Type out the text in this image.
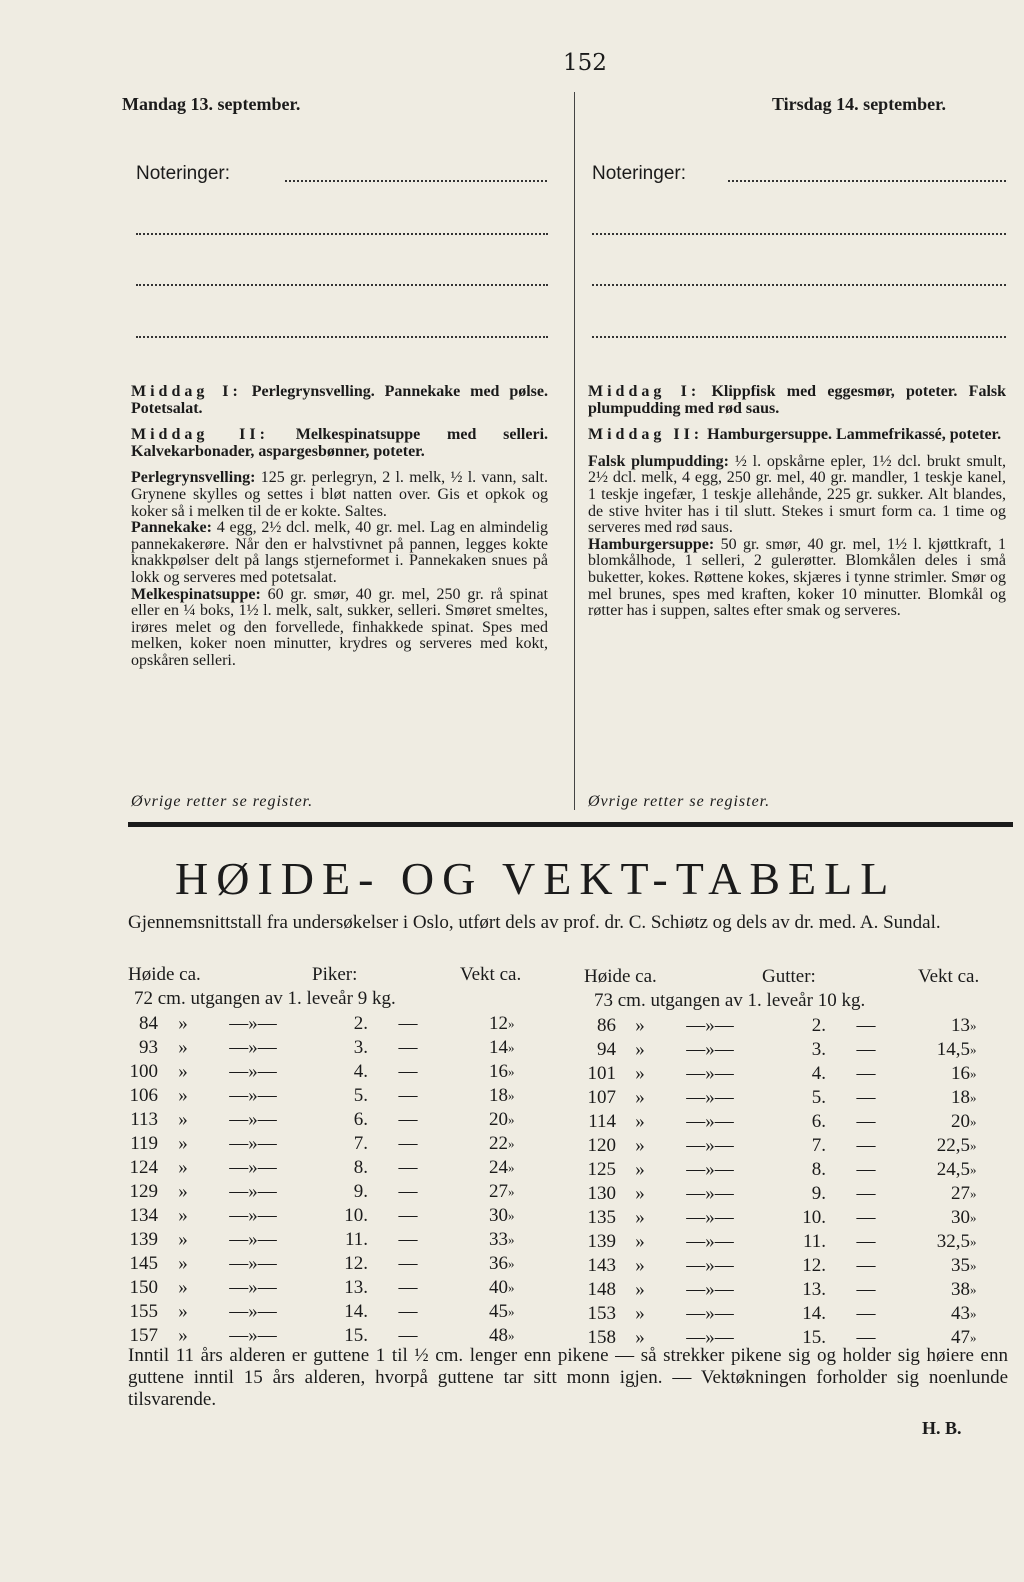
152
Mandag 13. september.	Tirsdag 14. september.
Noteringer:	Noteringer:

Middag I: Perlegrynsvelling. Pannekake med pølse. Potetsalat.

Middag II: Melkespinatsuppe med selleri. Kalvekarbonader, aspargesbønner, poteter.

Perlegrynsvelling: 125 gr. perlegryn, 2 l. melk, ½ l. vann, salt. Grynene skylles og settes i bløt natten over. Gis et opkok og koker så i melken til de er kokte. Saltes.

Pannekake: 4 egg, 2½ dcl. melk, 40 gr. mel. Lag en almindelig pannekakerøre. Når den er halvstivnet på pannen, legges kokte knakkpølser delt på langs stjerneformet i. Pannekaken snues på lokk og serveres med potetsalat.

Melkespinatsuppe: 60 gr. smør, 40 gr. mel, 250 gr. rå spinat eller en ¼ boks, 1½ l. melk, salt, sukker, selleri. Smøret smeltes, irøres melet og den forvellede, finhakkede spinat. Spes med melken, koker noen minutter, krydres og serveres med kokt, opskåren selleri.

Øvrige retter se register.

Middag I: Klippfisk med eggesmør, poteter. Falsk plumpudding med rød saus.

Middag II: Hamburgersuppe. Lammefrikassé, poteter.

Falsk plumpudding: ½ l. opskårne epler, 1½ dcl. brukt smult, 2½ dcl. melk, 4 egg, 250 gr. mel, 40 gr. mandler, 1 teskje kanel, 1 teskje ingefær, 1 teskje allehånde, 225 gr. sukker. Alt blandes, de stive hviter has i til slutt. Stekes i smurt form ca. 1 time og serveres med rød saus.

Hamburgersuppe: 50 gr. smør, 40 gr. mel, 1½ l. kjøttkraft, 1 blomkålhode, 1 selleri, 2 gulerøtter. Blomkålen deles i små buketter, kokes. Røttene kokes, skjæres i tynne strimler. Smør og mel brunes, spes med kraften, koker 10 minutter. Blomkål og røtter has i suppen, saltes efter smak og serveres.

Øvrige retter se register.
HØIDE- OG VEKT-TABELL
Gjennemsnittstall fra undersøkelser i Oslo, utført dels av prof. dr. C. Schiøtz og dels av dr. med. A. Sundal.
Høide ca.	Piker:	Vekt ca.
72 cm. utgangen av 1. leveår 9 kg.
Høide ca.	Gutter:	Vekt ca.
73 cm. utgangen av 1. leveår 10 kg.
84	»	—»—	2.	—	12	»
93	»	—»—	3.	—	14	»
100	»	—»—	4.	—	16	»
106	»	—»—	5.	—	18	»
113	»	—»—	6.	—	20	»
119	»	—»—	7.	—	22	»
124	»	—»—	8.	—	24	»
129	»	—»—	9.	—	27	»
134	»	—»—	10.	—	30	»
139	»	—»—	11.	—	33	»
145	»	—»—	12.	—	36	»
150	»	—»—	13.	—	40	»
155	»	—»—	14.	—	45	»
157	»	—»—	15.	—	48	»
86	»	—»—	2.	—	13	»
94	»	—»—	3.	—	14,5	»
101	»	—»—	4.	—	16	»
107	»	—»—	5.	—	18	»
114	»	—»—	6.	—	20	»
120	»	—»—	7.	—	22,5	»
125	»	—»—	8.	—	24,5	»
130	»	—»—	9.	—	27	»
135	»	—»—	10.	—	30	»
139	»	—»—	11.	—	32,5	»
143	»	—»—	12.	—	35	»
148	»	—»—	13.	—	38	»
153	»	—»—	14.	—	43	»
158	»	—»—	15.	—	47	»
Inntil 11 års alderen er guttene 1 til ½ cm. lenger enn pikene — så strekker pikene sig og holder sig høiere enn guttene inntil 15 års alderen, hvorpå guttene tar sitt monn igjen. — Vektøkningen forholder sig noenlunde tilsvarende.
H. B.
